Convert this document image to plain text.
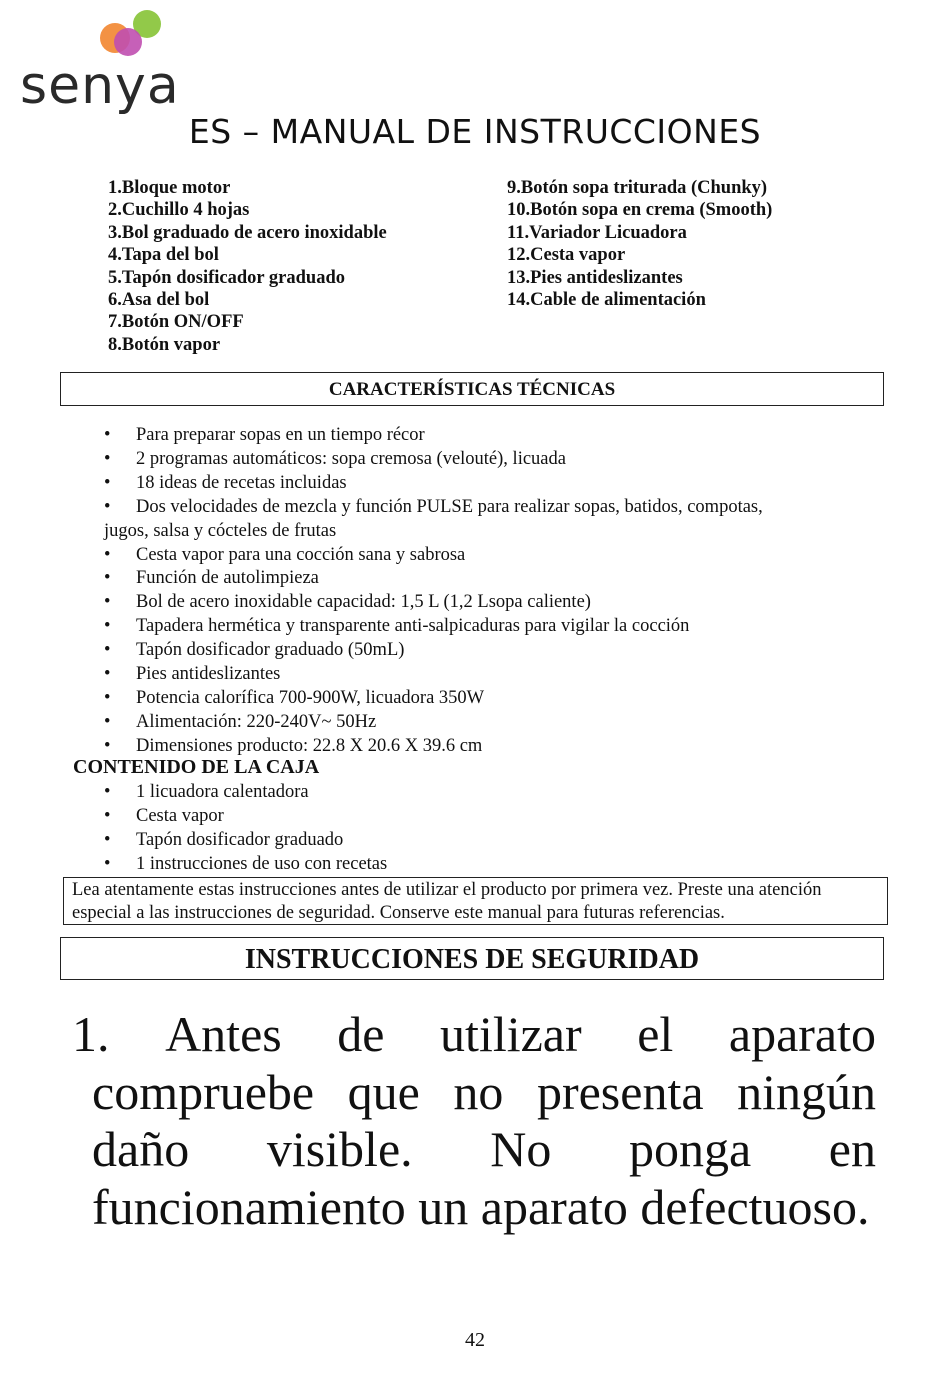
senya
ES – MANUAL DE INSTRUCCIONES
1.Bloque motor
2.Cuchillo 4 hojas
3.Bol graduado de acero inoxidable
4.Tapa del bol
5.Tapón dosificador graduado
6.Asa del bol
7.Botón ON/OFF
8.Botón vapor
9.Botón sopa triturada (Chunky)
10.Botón sopa en crema (Smooth)
11.Variador Licuadora
12.Cesta vapor
13.Pies antideslizantes
14.Cable de alimentación
CARACTERÍSTICAS TÉCNICAS
• Para preparar sopas en un tiempo récor
• 2 programas automáticos: sopa cremosa (velouté), licuada
• 18 ideas de recetas incluidas
• Dos velocidades de mezcla y función PULSE para realizar sopas, batidos, compotas,
jugos, salsa y cócteles de frutas
• Cesta vapor para una cocción sana y sabrosa
• Función de autolimpieza
• Bol de acero inoxidable capacidad: 1,5 L (1,2 Lsopa caliente)
• Tapadera hermética y transparente anti-salpicaduras para vigilar la cocción
• Tapón dosificador graduado (50mL)
• Pies antideslizantes
• Potencia calorífica 700-900W, licuadora 350W
• Alimentación: 220-240V~ 50Hz
• Dimensiones producto: 22.8 X 20.6 X 39.6 cm
CONTENIDO DE LA CAJA
• 1 licuadora calentadora
• Cesta vapor
• Tapón dosificador graduado
• 1 instrucciones de uso con recetas
Lea atentamente estas instrucciones antes de utilizar el producto por primera vez. Preste una atención especial a las instrucciones de seguridad. Conserve este manual para futuras referencias.
INSTRUCCIONES DE SEGURIDAD
1. Antes de utilizar el aparato
compruebe que no presenta ningún
daño visible. No ponga en
funcionamiento un aparato defectuoso.
42
